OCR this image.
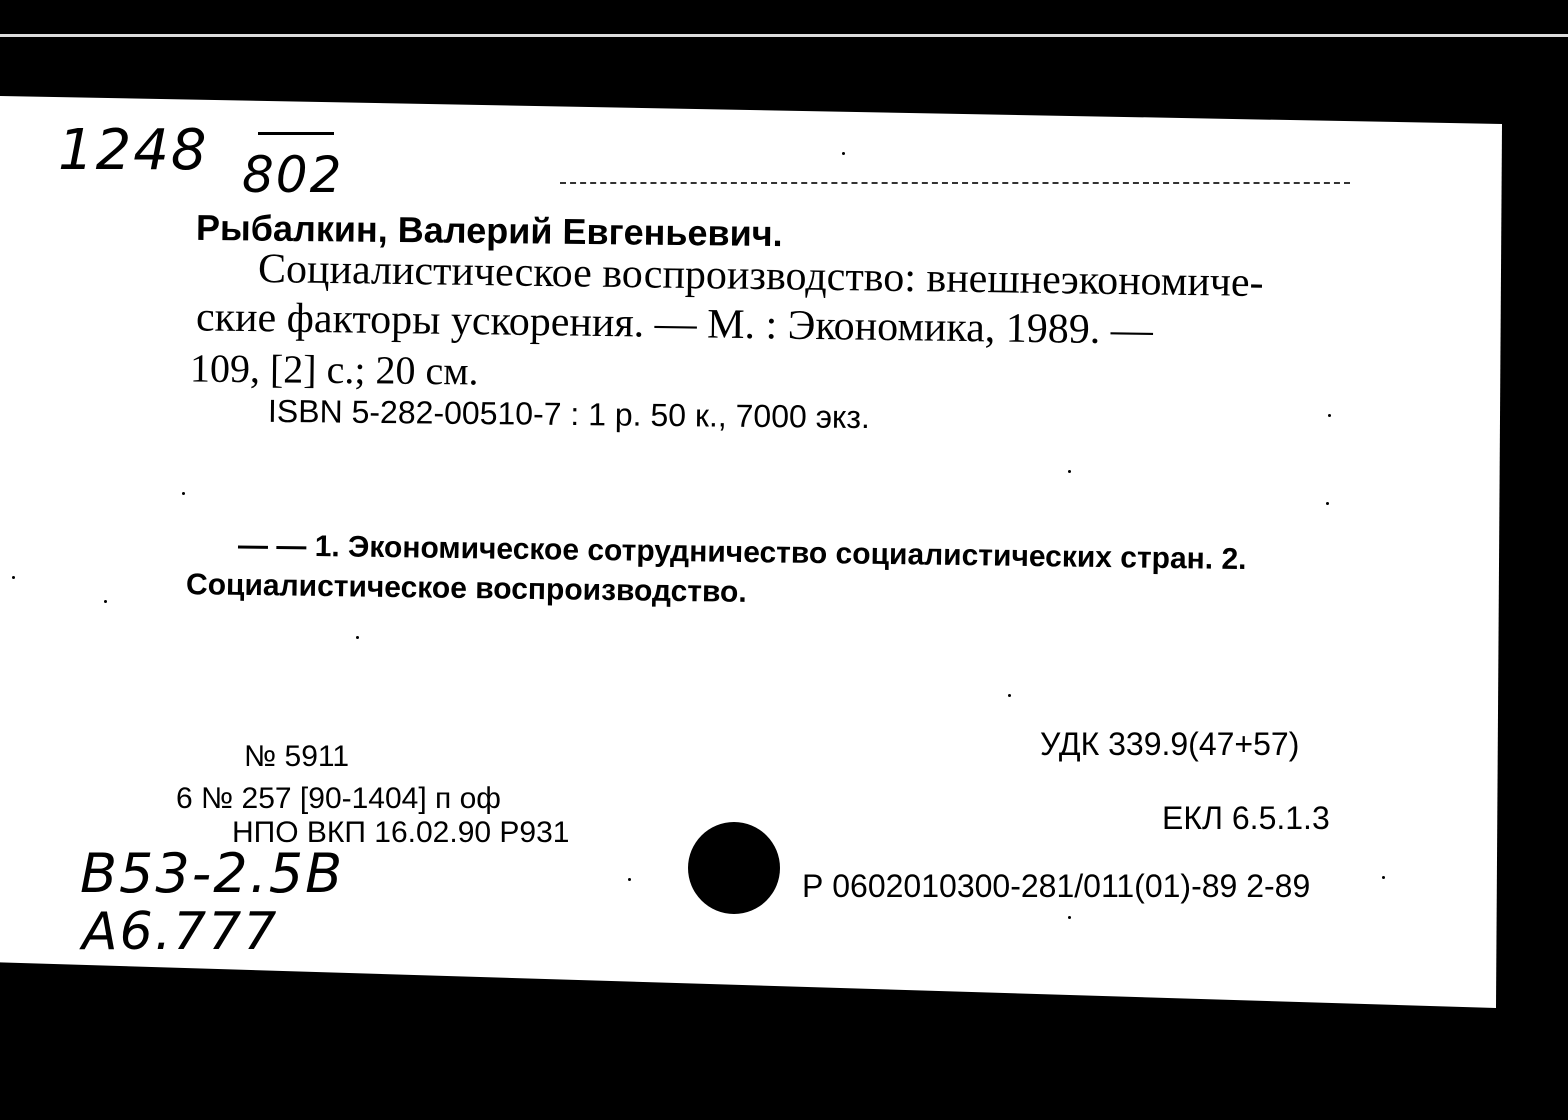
1248 802
Рыбалкин, Валерий Евгеньевич.
Социалистическое воспроизводство: внешнеэкономиче-
ские факторы ускорения. — М. : Экономика, 1989. —
109, [2] с.; 20 см.
ISBN 5-282-00510-7 : 1 р. 50 к., 7000 экз.
— — 1. Экономическое сотрудничество социалистических стран. 2.
Социалистическое воспроизводство.
№ 5911
6 № 257 [90-1404] п оф
НПО ВКП 16.02.90 Р931
B53-2.5B
A6.777
УДК 339.9(47+57)
ЕКЛ 6.5.1.3
Р 0602010300-281/011(01)-89 2-89
